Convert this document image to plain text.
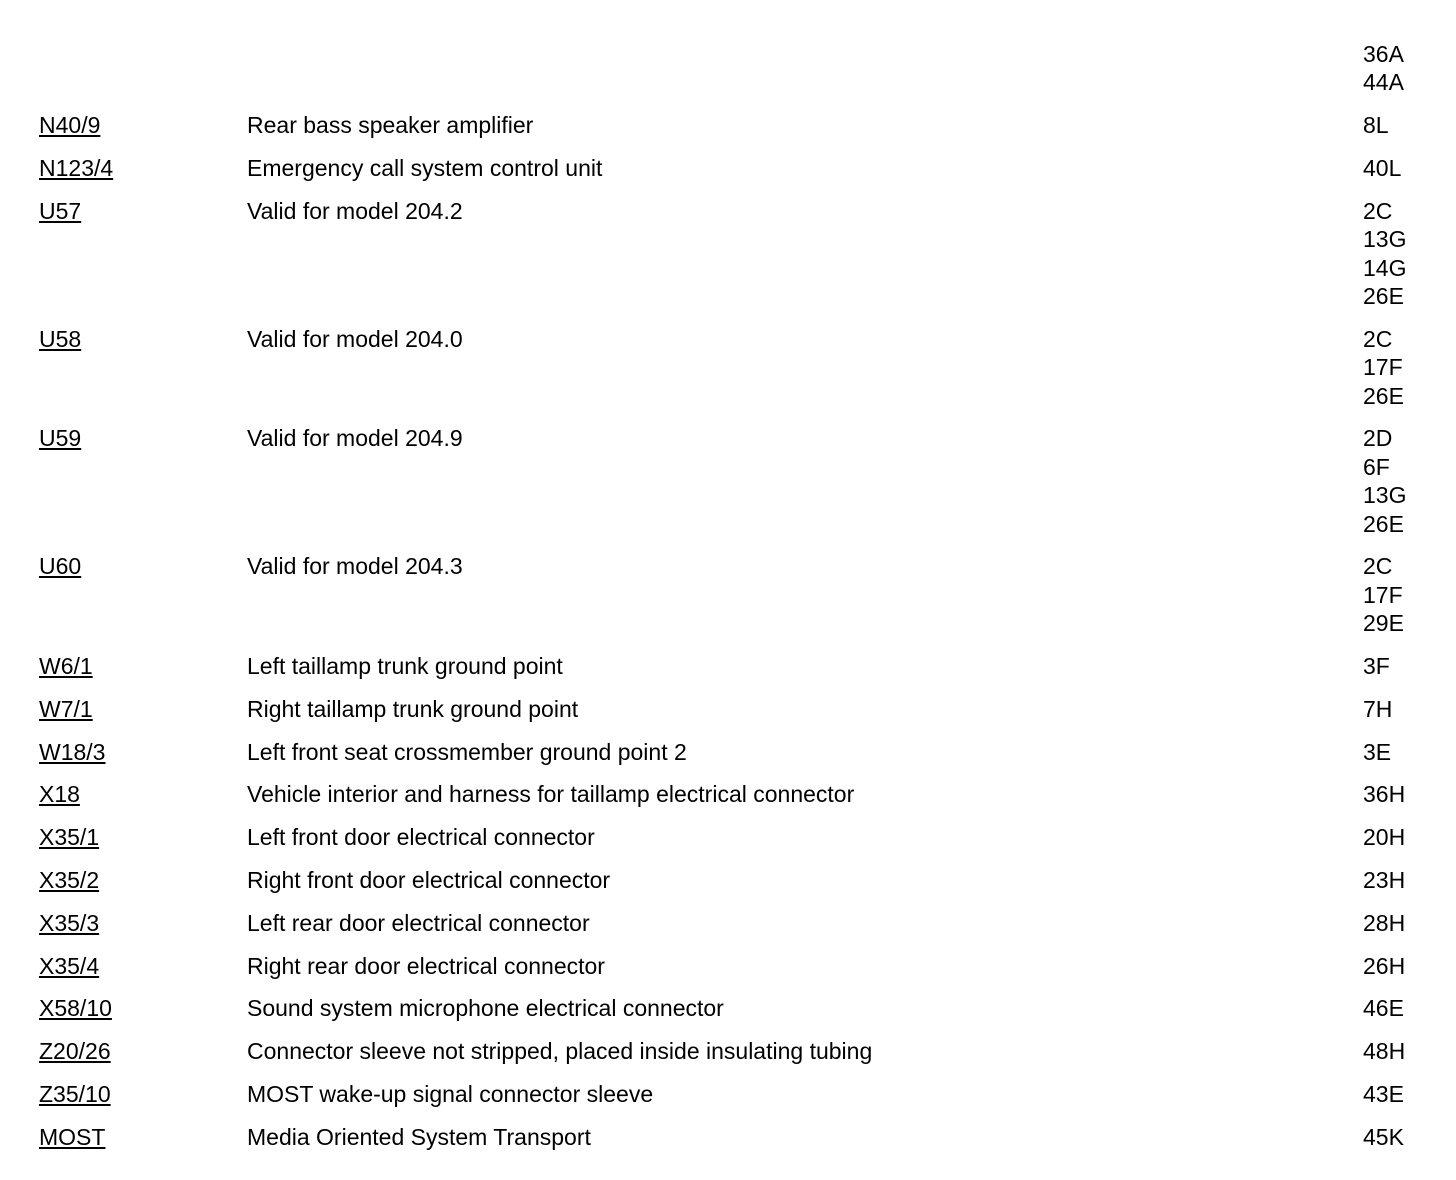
36A
44A
N40/9	Rear bass speaker amplifier	8L
N123/4	Emergency call system control unit	40L
U57	Valid for model 204.2	2C
13G
14G
26E
U58	Valid for model 204.0	2C
17F
26E
U59	Valid for model 204.9	2D
6F
13G
26E
U60	Valid for model 204.3	2C
17F
29E
W6/1	Left taillamp trunk ground point	3F
W7/1	Right taillamp trunk ground point	7H
W18/3	Left front seat crossmember ground point 2	3E
X18	Vehicle interior and harness for taillamp electrical connector	36H
X35/1	Left front door electrical connector	20H
X35/2	Right front door electrical connector	23H
X35/3	Left rear door electrical connector	28H
X35/4	Right rear door electrical connector	26H
X58/10	Sound system microphone electrical connector	46E
Z20/26	Connector sleeve not stripped, placed inside insulating tubing	48H
Z35/10	MOST wake-up signal connector sleeve	43E
MOST	Media Oriented System Transport	45K
